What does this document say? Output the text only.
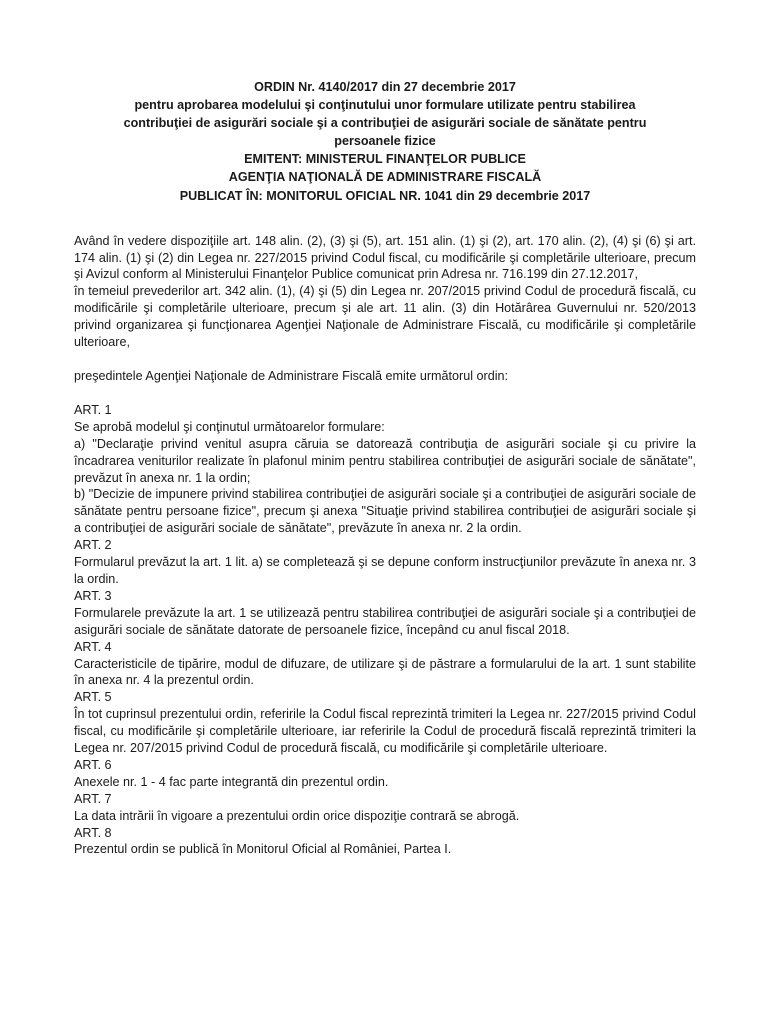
ORDIN Nr. 4140/2017 din 27 decembrie 2017
pentru aprobarea modelului şi conţinutului unor formulare utilizate pentru stabilirea
contribuţiei de asigurări sociale şi a contribuţiei de asigurări sociale de sănătate pentru
persoanele fizice
EMITENT: MINISTERUL FINANŢELOR PUBLICE
AGENŢIA NAŢIONALĂ DE ADMINISTRARE FISCALĂ
PUBLICAT ÎN: MONITORUL OFICIAL NR. 1041 din 29 decembrie 2017

Având în vedere dispoziţiile art. 148 alin. (2), (3) şi (5), art. 151 alin. (1) şi (2), art. 170 alin. (2), (4) şi (6) şi art. 174 alin. (1) şi (2) din Legea nr. 227/2015 privind Codul fiscal, cu modificările şi completările ulterioare, precum şi Avizul conform al Ministerului Finanţelor Publice comunicat prin Adresa nr. 716.199 din 27.12.2017,

în temeiul prevederilor art. 342 alin. (1), (4) şi (5) din Legea nr. 207/2015 privind Codul de procedură fiscală, cu modificările şi completările ulterioare, precum şi ale art. 11 alin. (3) din Hotărârea Guvernului nr. 520/2013 privind organizarea şi funcţionarea Agenţiei Naţionale de Administrare Fiscală, cu modificările şi completările ulterioare,

preşedintele Agenţiei Naţionale de Administrare Fiscală emite următorul ordin:

ART. 1

Se aprobă modelul şi conţinutul următoarelor formulare:

a) "Declaraţie privind venitul asupra căruia se datorează contribuţia de asigurări sociale şi cu privire la încadrarea veniturilor realizate în plafonul minim pentru stabilirea contribuţiei de asigurări sociale de sănătate", prevăzut în anexa nr. 1 la ordin;

b) "Decizie de impunere privind stabilirea contribuţiei de asigurări sociale şi a contribuţiei de asigurări sociale de sănătate pentru persoane fizice", precum şi anexa "Situaţie privind stabilirea contribuţiei de asigurări sociale şi a contribuţiei de asigurări sociale de sănătate", prevăzute în anexa nr. 2 la ordin.

ART. 2

Formularul prevăzut la art. 1 lit. a) se completează şi se depune conform instrucţiunilor prevăzute în anexa nr. 3 la ordin.

ART. 3

Formularele prevăzute la art. 1 se utilizează pentru stabilirea contribuţiei de asigurări sociale şi a contribuţiei de asigurări sociale de sănătate datorate de persoanele fizice, începând cu anul fiscal 2018.

ART. 4

Caracteristicile de tipărire, modul de difuzare, de utilizare şi de păstrare a formularului de la art. 1 sunt stabilite în anexa nr. 4 la prezentul ordin.

ART. 5

În tot cuprinsul prezentului ordin, referirile la Codul fiscal reprezintă trimiteri la Legea nr. 227/2015 privind Codul fiscal, cu modificările şi completările ulterioare, iar referirile la Codul de procedură fiscală reprezintă trimiteri la Legea nr. 207/2015 privind Codul de procedură fiscală, cu modificările şi completările ulterioare.

ART. 6

Anexele nr. 1 - 4 fac parte integrantă din prezentul ordin.

ART. 7

La data intrării în vigoare a prezentului ordin orice dispoziţie contrară se abrogă.

ART. 8

Prezentul ordin se publică în Monitorul Oficial al României, Partea I.
